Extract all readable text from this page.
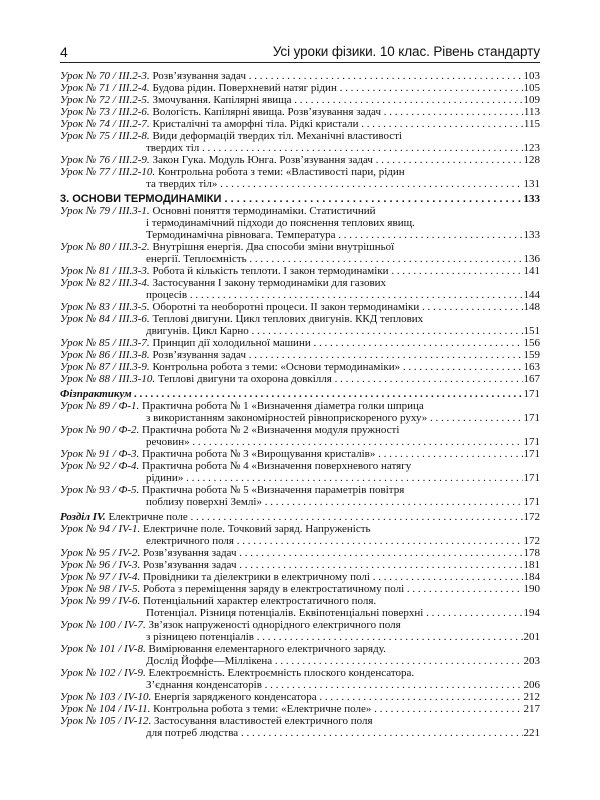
4	Усі уроки фізики. 10 клас. Рівень стандарту
Урок № 70 / ІІІ.2-3.
Розв’язування задач . . .	103
Урок № 71 / ІІІ.2-4.
Будова рідин. Поверхневий натяг рідин . . .	105
Урок № 72 / ІІІ.2-5.
Змочування. Капілярні явища . . .	109
Урок № 73 / ІІІ.2-6.
Вологість. Капілярні явища. Розв’язування задач . . .	113
Урок № 74 / ІІІ.2-7.
Кристалічні та аморфні тіла. Рідкі кристали . . .	115
Урок № 75 / ІІІ.2-8.
Види деформацій твердих тіл. Механічні властивості
твердих тіл . . .	123
Урок № 76 / ІІІ.2-9.
Закон Гука. Модуль Юнга. Розв’язування задач . . .	128
Урок № 77 / ІІІ.2-10.
Контрольна робота з теми: «Властивості пари, рідин
та твердих тіл» . . .	131
3. ОСНОВИ ТЕРМОДИНАМІКИ . . .	133
Урок № 79 / ІІІ.3-1.
Основні поняття термодинаміки. Статистичний
і термодинамічний підходи до пояснення теплових явищ.
Термодинамічна рівновага. Температура . . .	133
Урок № 80 / ІІІ.3-2.
Внутрішня енергія. Два способи зміни внутрішньої
енергії. Теплоємність . . .	136
Урок № 81 / ІІІ.3-3.
Робота й кількість теплоти. І закон термодинаміки . . .	141
Урок № 82 / ІІІ.3-4.
Застосування І закону термодинаміки для газових
процесів . . .	144
Урок № 83 / ІІІ.3-5.
Оборотні та необоротні процеси. ІІ закон термодинаміки . . .	148
Урок № 84 / ІІІ.3-6.
Теплові двигуни. Цикл теплових двигунів. ККД теплових
двигунів. Цикл Карно . . .	151
Урок № 85 / ІІІ.3-7.
Принцип дії холодильної машини . . .	156
Урок № 86 / ІІІ.3-8.
Розв’язування задач . . .	159
Урок № 87 / ІІІ.3-9.
Контрольна робота з теми: «Основи термодинаміки» . . .	163
Урок № 88 / ІІІ.3-10.
Теплові двигуни та охорона довкілля . . .	167
Фізпрактикум . . .	171
Урок № 89 / Ф-1.
Практична робота № 1 «Визначення діаметра голки шприца
з використанням закономірностей рівноприскореного руху» . . .	171
Урок № 90 / Ф-2.
Практична робота № 2 «Визначення модуля пружності
речовин» . . .	171
Урок № 91 / Ф-3.
Практична робота № 3 «Вирощування кристалів» . . .	171
Урок № 92 / Ф-4.
Практична робота № 4 «Визначення поверхневого натягу
рідини» . . .	171
Урок № 93 / Ф-5.
Практична робота № 5 «Визначення параметрів повітря
поблизу поверхні Землі» . . .	171
Розділ IV. Електричне поле . . .	172
Урок № 94 / IV-1.
Електричне поле. Точковий заряд. Напруженість
електричного поля . . .	172
Урок № 95 / IV-2.
Розв’язування задач . . .	178
Урок № 96 / IV-3.
Розв’язування задач . . .	181
Урок № 97 / IV-4.
Провідники та діелектрики в електричному полі . . .	184
Урок № 98 / IV-5.
Робота з переміщення заряду в електростатичному полі . . .	190
Урок № 99 / IV-6.
Потенціальний характер електростатичного поля.
Потенціал. Різниця потенціалів. Еквіпотенціальні поверхні . . .	194
Урок № 100 / IV-7.
Зв’язок напруженості однорідного електричного поля
з різницею потенціалів . . .	201
Урок № 101 / IV-8.
Вимірювання елементарного електричного заряду.
Дослід Йоффе—Міллікена . . .	203
Урок № 102 / IV-9.
Електроємність. Електроємність плоского конденсатора.
З’єднання конденсаторів . . .	206
Урок № 103 / IV-10.
Енергія зарядженого конденсатора . . .	212
Урок № 104 / IV-11.
Контрольна робота з теми: «Електричне поле» . . .	217
Урок № 105 / IV-12.
Застосування властивостей електричного поля
для потреб людства . . .	221
